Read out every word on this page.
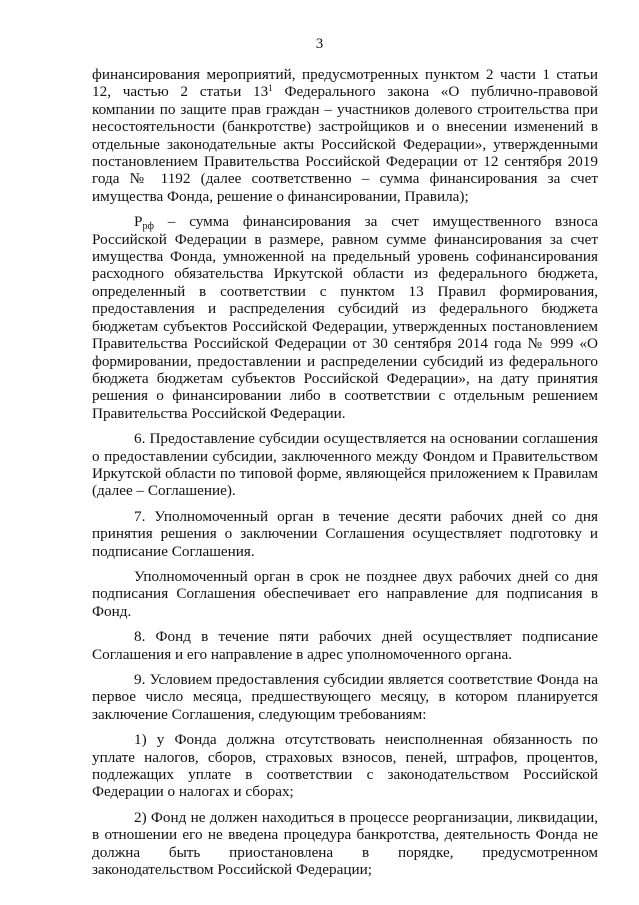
3

финансирования мероприятий, предусмотренных пунктом 2 части 1 статьи 12, частью 2 статьи $13^1$ Федерального закона «О публично-правовой компании по защите прав граждан – участников долевого строительства при несостоятельности (банкротстве) застройщиков и о внесении изменений в отдельные законодательные акты Российской Федерации», утвержденными постановлением Правительства Российской Федерации от 12 сентября 2019 года № 1192 (далее соответственно – сумма финансирования за счет имущества Фонда, решение о финансировании, Правила);

$Р_{рф}$ – сумма финансирования за счет имущественного взноса Российской Федерации в размере, равном сумме финансирования за счет имущества Фонда, умноженной на предельный уровень софинансирования расходного обязательства Иркутской области из федерального бюджета, определенный в соответствии с пунктом 13 Правил формирования, предоставления и распределения субсидий из федерального бюджета бюджетам субъектов Российской Федерации, утвержденных постановлением Правительства Российской Федерации от 30 сентября 2014 года № 999 «О формировании, предоставлении и распределении субсидий из федерального бюджета бюджетам субъектов Российской Федерации», на дату принятия решения о финансировании либо в соответствии с отдельным решением Правительства Российской Федерации.

6. Предоставление субсидии осуществляется на основании соглашения о предоставлении субсидии, заключенного между Фондом и Правительством Иркутской области по типовой форме, являющейся приложением к Правилам (далее – Соглашение).

7. Уполномоченный орган в течение десяти рабочих дней со дня принятия решения о заключении Соглашения осуществляет подготовку и подписание Соглашения.

Уполномоченный орган в срок не позднее двух рабочих дней со дня подписания Соглашения обеспечивает его направление для подписания в Фонд.

8. Фонд в течение пяти рабочих дней осуществляет подписание Соглашения и его направление в адрес уполномоченного органа.

9. Условием предоставления субсидии является соответствие Фонда на первое число месяца, предшествующего месяцу, в котором планируется заключение Соглашения, следующим требованиям:

1) у Фонда должна отсутствовать неисполненная обязанность по уплате налогов, сборов, страховых взносов, пеней, штрафов, процентов, подлежащих уплате в соответствии с законодательством Российской Федерации о налогах и сборах;

2) Фонд не должен находиться в процессе реорганизации, ликвидации, в отношении его не введена процедура банкротства, деятельность Фонда не должна быть приостановлена в порядке, предусмотренном законодательством Российской Федерации;
